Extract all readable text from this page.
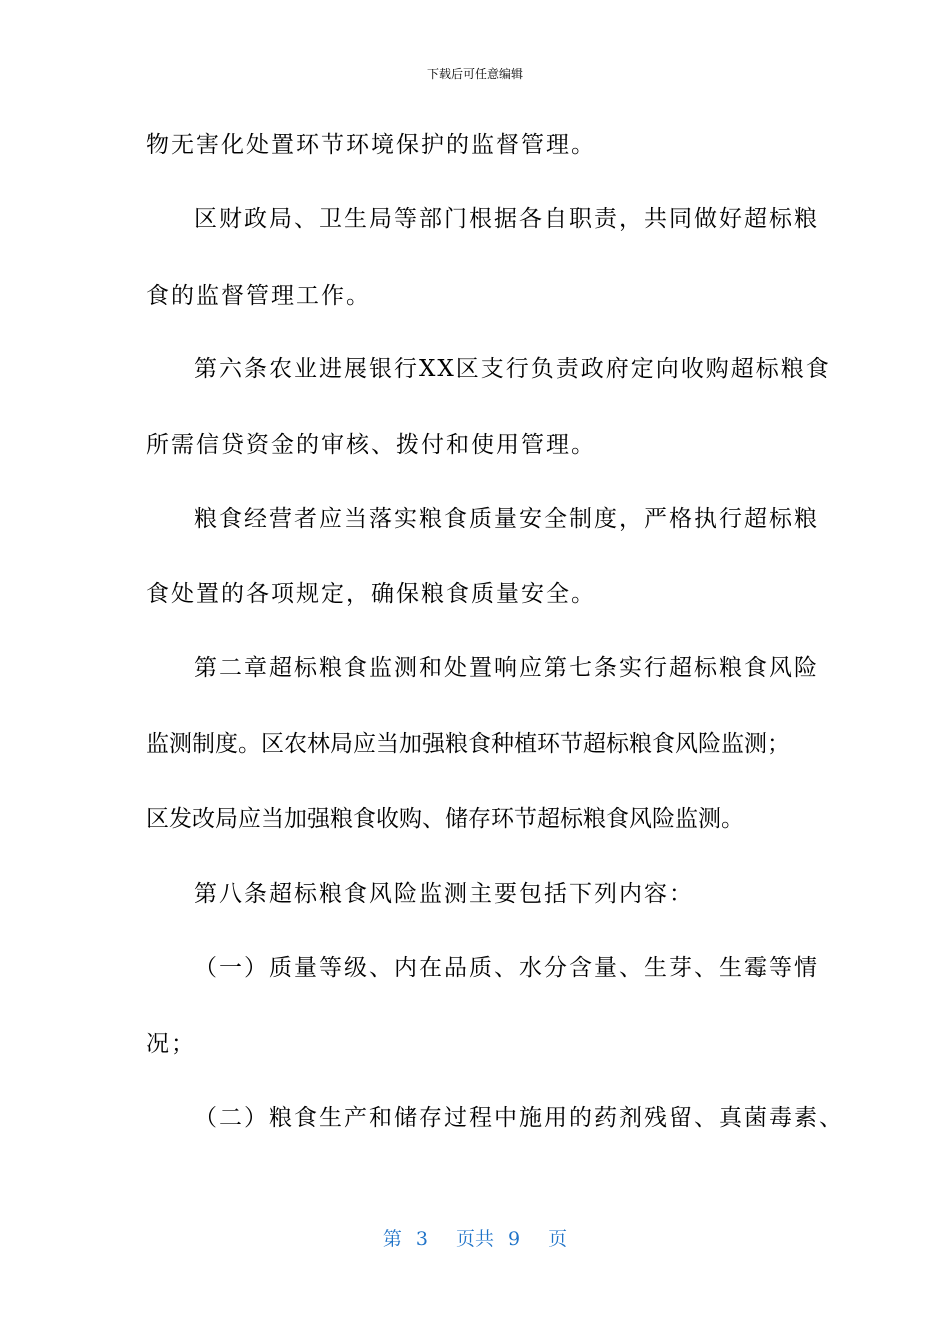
下载后可任意编辑
物无害化处置环节环境保护的监督管理。
区财政局、卫生局等部门根据各自职责，共同做好超标粮
食的监督管理工作。
第六条农业进展银行XX区支行负责政府定向收购超标粮食
所需信贷资金的审核、拨付和使用管理。
粮食经营者应当落实粮食质量安全制度，严格执行超标粮
食处置的各项规定，确保粮食质量安全。
第二章超标粮食监测和处置响应第七条实行超标粮食风险
监测制度。区农林局应当加强粮食种植环节超标粮食风险监测；
区发改局应当加强粮食收购、储存环节超标粮食风险监测。
第八条超标粮食风险监测主要包括下列内容：
（一）质量等级、内在品质、水分含量、生芽、生霉等情
况；
（二）粮食生产和储存过程中施用的药剂残留、真菌毒素、
第 3 页共 9 页
